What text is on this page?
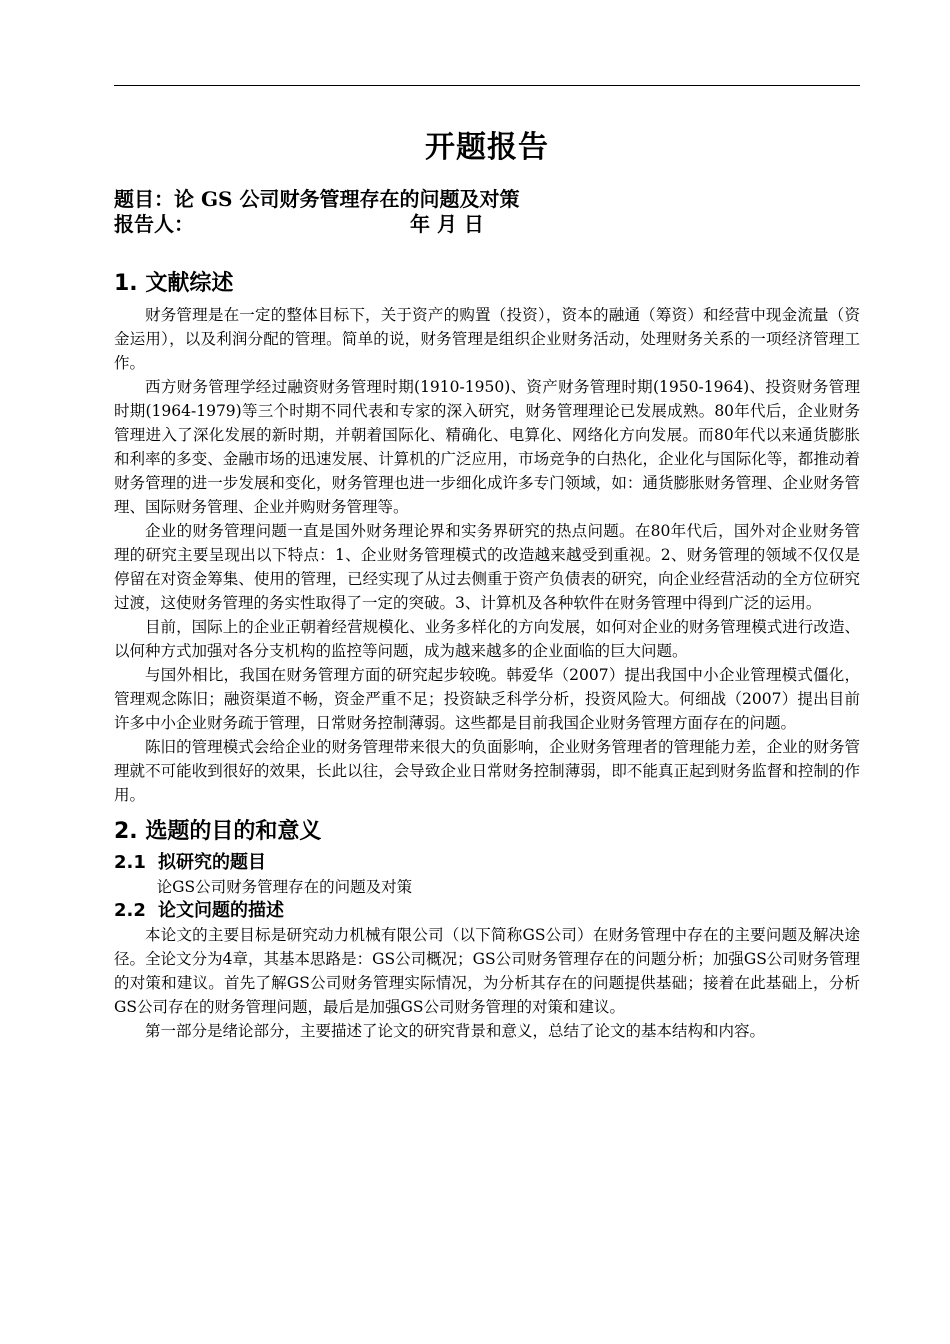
开题报告
题目：论 GS 公司财务管理存在的问题及对策
报告人：	年 月 日
1. 文献综述

财务管理是在一定的整体目标下，关于资产的购置（投资），资本的融通（筹资）和经营中现金流量（资金运用），以及利润分配的管理。简单的说，财务管理是组织企业财务活动，处理财务关系的一项经济管理工作。

西方财务管理学经过融资财务管理时期(1910-1950)、资产财务管理时期(1950-1964)、投资财务管理时期(1964-1979)等三个时期不同代表和专家的深入研究，财务管理理论已发展成熟。80年代后，企业财务管理进入了深化发展的新时期，并朝着国际化、精确化、电算化、网络化方向发展。而80年代以来通货膨胀和利率的多变、金融市场的迅速发展、计算机的广泛应用，市场竞争的白热化，企业化与国际化等，都推动着财务管理的进一步发展和变化，财务管理也进一步细化成许多专门领域，如：通货膨胀财务管理、企业财务管理、国际财务管理、企业并购财务管理等。

企业的财务管理问题一直是国外财务理论界和实务界研究的热点问题。在80年代后，国外对企业财务管理的研究主要呈现出以下特点：1、企业财务管理模式的改造越来越受到重视。2、财务管理的领域不仅仅是停留在对资金筹集、使用的管理，已经实现了从过去侧重于资产负债表的研究，向企业经营活动的全方位研究过渡，这使财务管理的务实性取得了一定的突破。3、计算机及各种软件在财务管理中得到广泛的运用。

目前，国际上的企业正朝着经营规模化、业务多样化的方向发展，如何对企业的财务管理模式进行改造、以何种方式加强对各分支机构的监控等问题，成为越来越多的企业面临的巨大问题。

与国外相比，我国在财务管理方面的研究起步较晚。韩爱华（2007）提出我国中小企业管理模式僵化，管理观念陈旧；融资渠道不畅，资金严重不足；投资缺乏科学分析，投资风险大。何细战（2007）提出目前许多中小企业财务疏于管理，日常财务控制薄弱。这些都是目前我国企业财务管理方面存在的问题。

陈旧的管理模式会给企业的财务管理带来很大的负面影响，企业财务管理者的管理能力差，企业的财务管理就不可能收到很好的效果，长此以往，会导致企业日常财务控制薄弱，即不能真正起到财务监督和控制的作用。

2. 选题的目的和意义
2.1 拟研究的题目

论GS公司财务管理存在的问题及对策

2.2 论文问题的描述

本论文的主要目标是研究动力机械有限公司（以下简称GS公司）在财务管理中存在的主要问题及解决途径。全论文分为4章，其基本思路是：GS公司概况；GS公司财务管理存在的问题分析；加强GS公司财务管理的对策和建议。首先了解GS公司财务管理实际情况，为分析其存在的问题提供基础；接着在此基础上，分析GS公司存在的财务管理问题，最后是加强GS公司财务管理的对策和建议。

第一部分是绪论部分，主要描述了论文的研究背景和意义，总结了论文的基本结构和内容。
